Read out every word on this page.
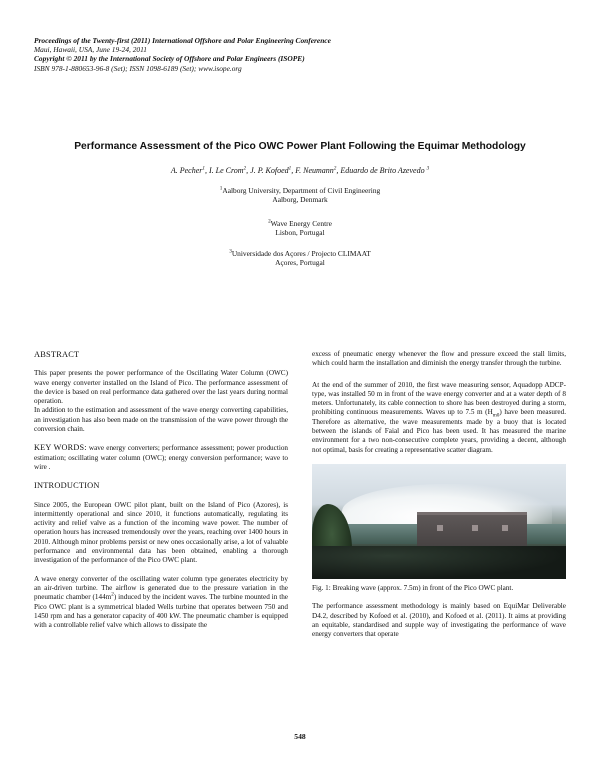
Proceedings of the Twenty-first (2011) International Offshore and Polar Engineering Conference
Maui, Hawaii, USA, June 19-24, 2011
Copyright © 2011 by the International Society of Offshore and Polar Engineers (ISOPE)
ISBN 978-1-880653-96-8 (Set); ISSN 1098-6189 (Set); www.isope.org
Performance Assessment of the Pico OWC Power Plant Following the Equimar Methodology
A. Pecher$^1$, I. Le Crom$^2$, J. P. Kofoed$^1$, F. Neumann$^2$, Eduardo de Brito Azevedo $^3$
$^1$Aalborg University, Department of Civil Engineering
Aalborg, Denmark
$^2$Wave Energy Centre
Lisbon, Portugal
$^3$Universidade dos Açores / Projecto CLIMAAT
Açores, Portugal
ABSTRACT

This paper presents the power performance of the Oscillating Water Column (OWC) wave energy converter installed on the Island of Pico. The performance assessment of the device is based on real performance data gathered over the last years during normal operation.

In addition to the estimation and assessment of the wave energy converting capabilities, an investigation has also been made on the transmission of the wave power through the conversion chain.

KEY WORDS: wave energy converters; performance assessment; power production estimation; oscillating water column (OWC); energy conversion performance; wave to wire .
INTRODUCTION

Since 2005, the European OWC pilot plant, built on the Island of Pico (Azores), is intermittently operational and since 2010, it functions automatically, regulating its activity and relief valve as a function of the incoming wave power. The number of operation hours has increased tremendously over the years, reaching over 1400 hours in 2010. Although minor problems persist or new ones occasionally arise, a lot of valuable performance and environmental data has been obtained, enabling a thorough investigation of the performance of the Pico OWC plant.

A wave energy converter of the oscillating water column type generates electricity by an air-driven turbine. The airflow is generated due to the pressure variation in the pneumatic chamber $(144m^2)$ induced by the incident waves. The turbine mounted in the Pico OWC plant is a symmetrical bladed Wells turbine that operates between 750 and 1450 rpm and has a generator capacity of 400 kW. The pneumatic chamber is equipped with a controllable relief valve which allows to dissipate the

excess of pneumatic energy whenever the flow and pressure exceed the stall limits, which could harm the installation and diminish the energy transfer through the turbine.

At the end of the summer of 2010, the first wave measuring sensor, Aquadopp ADCP-type, was installed 50 m in front of the wave energy converter and at a water depth of 8 meters. Unfortunately, its cable connection to shore has been destroyed during a storm, prohibiting continuous measurements. Waves up to 7.5 m $(H_{m0})$ have been measured. Therefore as alternative, the wave measurements made by a buoy that is located between the islands of Faial and Pico has been used. It has measured the marine environment for a two non-consecutive complete years, providing a decent, although not optimal, basis for creating a representative scatter diagram.

Fig. 1: Breaking wave (approx. 7.5m) in front of the Pico OWC plant.

The performance assessment methodology is mainly based on EquiMar Deliverable D4.2, described by Kofoed et al. (2010), and Kofoed et al. (2011). It aims at providing an equitable, standardised and supple way of investigating the performance of wave energy converters that operate

548
